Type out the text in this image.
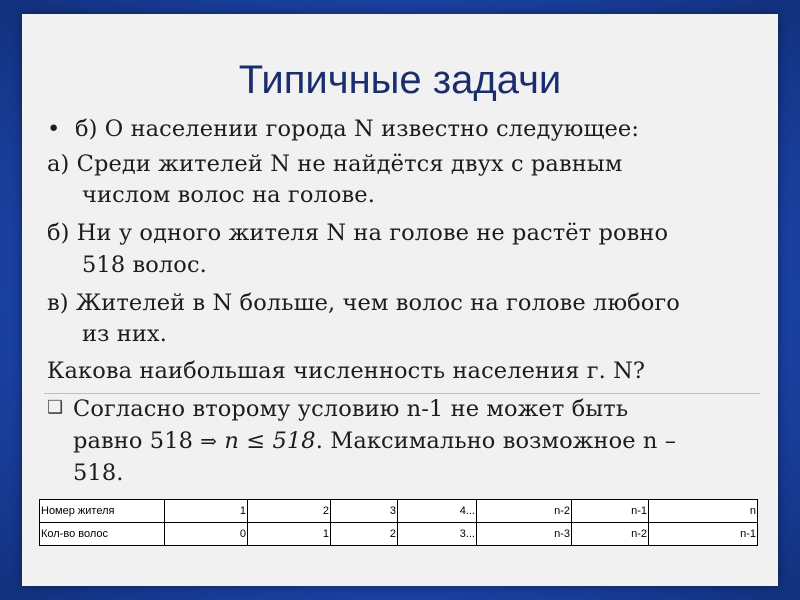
Типичные задачи
• б) О населении города N известно следующее:
а) Среди жителей N не найдётся двух с равным
числом волос на голове.
б) Ни у одного жителя N на голове не растёт ровно
518 волос.
в) Жителей в N больше, чем волос на голове любого
из них.
Какова наибольшая численность населения г. N?
❑ Согласно второму условию n-1 не может быть
равно 518 ⇒ n ≤ 518. Максимально возможное n –
518.
Номер жителя	1	2	3	4...	n-2	n-1	n
Кол-во волос	0	1	2	3...	n-3	n-2	n-1
